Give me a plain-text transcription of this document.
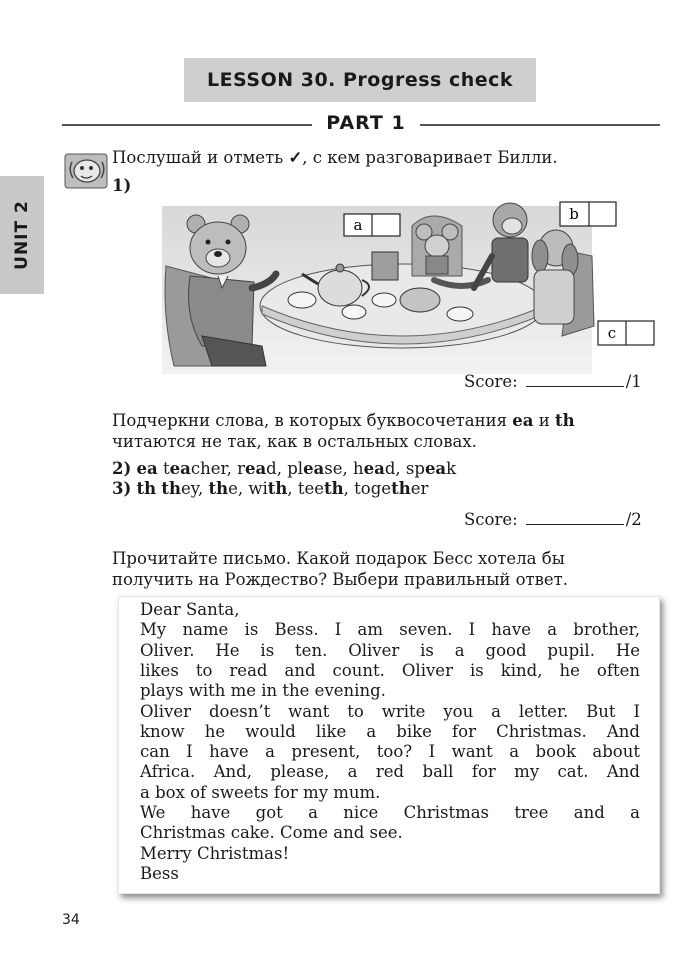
LESSON 30. Progress check
PART 1
UNIT 2
Послушай и отметь ✓, с кем разговаривает Билли.
1)
a
b
c
Score:	/1
Подчеркни слова, в которых буквосочетания ea и th
читаются не так, как в остальных словах.
2) ea teacher, read, please, head, speak
3) th they, the, with, teeth, together
Score:	/2
Прочитайте письмо. Какой подарок Бесс хотела бы
получить на Рождество? Выбери правильный ответ.
Dear Santa,
My name is Bess. I am seven. I have a brother,
Oliver. He is ten. Oliver is a good pupil. He
likes to read and count. Oliver is kind, he often
plays with me in the evening.
Oliver doesn’t want to write you a letter. But I
know he would like a bike for Christmas. And
can I have a present, too? I want a book about
Africa. And, please, a red ball for my cat. And
a box of sweets for my mum.
We have got a nice Christmas tree and a
Christmas cake. Come and see.
Merry Christmas!
Bess
34
